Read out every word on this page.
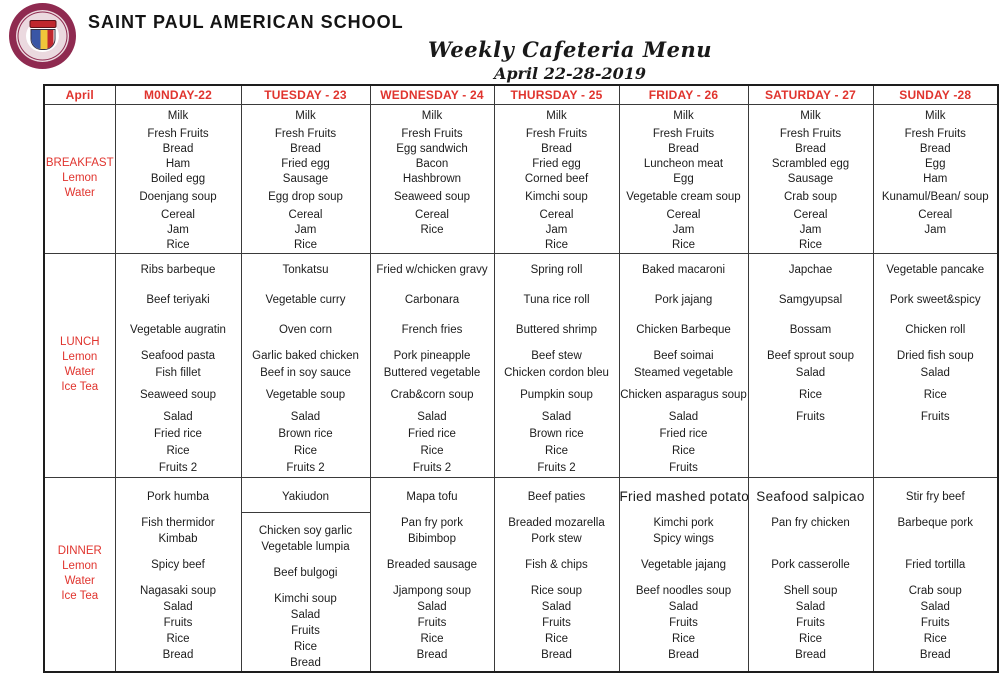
SAINT PAUL AMERICAN SCHOOL
Weekly Cafeteria Menu
April 22-28-2019
April	M0NDAY-22	TUESDAY - 23	WEDNESDAY - 24	THURSDAY - 25	FRIDAY - 26	SATURDAY - 27	SUNDAY -28

BREAKFAST
Lemon
Water

Milk
Fresh Fruits
Bread
Ham
Boiled egg
Doenjang soup
Cereal
Jam
Rice

Milk
Fresh Fruits
Bread
Fried egg
Sausage
Egg drop soup
Cereal
Jam
Rice

Milk
Fresh Fruits
Egg sandwich
Bacon
Hashbrown
Seaweed soup
Cereal
Rice

Milk
Fresh Fruits
Bread
Fried egg
Corned beef
Kimchi soup
Cereal
Jam
Rice

Milk
Fresh Fruits
Bread
Luncheon meat
Egg
Vegetable cream soup
Cereal
Jam
Rice

Milk
Fresh Fruits
Bread
Scrambled egg
Sausage
Crab soup
Cereal
Jam
Rice

Milk
Fresh Fruits
Bread
Egg
Ham
Kunamul/Bean/ soup
Cereal
Jam

LUNCH
Lemon
Water
Ice Tea

Ribs barbeque
Beef teriyaki
Vegetable augratin
Seafood pasta
Fish fillet
Seaweed soup
Salad
Fried rice
Rice
Fruits 2

Tonkatsu
Vegetable curry
Oven corn
Garlic baked chicken
Beef in soy sauce
Vegetable soup
Salad
Brown rice
Rice
Fruits 2

Fried w/chicken gravy
Carbonara
French fries
Pork pineapple
Buttered vegetable
Crab&corn soup
Salad
Fried rice
Rice
Fruits 2

Spring roll
Tuna rice roll
Buttered shrimp
Beef stew
Chicken cordon bleu
Pumpkin soup
Salad
Brown rice
Rice
Fruits 2

Baked macaroni
Pork jajang
Chicken Barbeque
Beef soimai
Steamed vegetable
Chicken asparagus soup
Salad
Fried rice
Rice
Fruits

Japchae
Samgyupsal
Bossam
Beef sprout soup
Salad
Rice
Fruits

Vegetable pancake
Pork sweet&spicy
Chicken roll
Dried fish soup
Salad
Rice
Fruits

DINNER
Lemon
Water
Ice Tea

Pork humba
Fish thermidor
Kimbab
Spicy beef
Nagasaki soup
Salad
Fruits
Rice
Bread

Yakiudon
Chicken soy garlic
Vegetable lumpia
Beef bulgogi
Kimchi soup
Salad
Fruits
Rice
Bread

Mapa tofu
Pan fry pork
Bibimbop
Breaded sausage
Jjampong soup
Salad
Fruits
Rice
Bread

Beef paties
Breaded mozarella
Pork stew
Fish & chips
Rice soup
Salad
Fruits
Rice
Bread

Fried mashed potato
Kimchi pork
Spicy wings
Vegetable jajang
Beef noodles soup
Salad
Fruits
Rice
Bread

Seafood salpicao
Pan fry chicken
Pork casserolle
Shell soup
Salad
Fruits
Rice
Bread

Stir fry beef
Barbeque pork
Fried tortilla
Crab soup
Salad
Fruits
Rice
Bread
